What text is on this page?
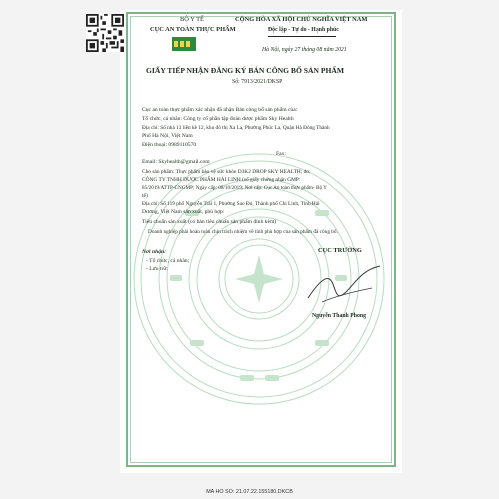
BỘ Y TẾ
CỤC AN TOÀN THỰC PHẨM
CỘNG HÒA XÃ HỘI CHỦ NGHĨA VIỆT NAM
Độc lập - Tự do - Hạnh phúc
Hà Nội, ngày 27 tháng 08 năm 2021
GIẤY TIẾP NHẬN ĐĂNG KÝ BẢN CÔNG BỐ SẢN PHẨM
Số: 7913/2021/DKSP
Cục an toàn thực phẩm xác nhận đã nhận Bản công bố sản phẩm của:
Tổ chức, cá nhân: Công ty cổ phần tập đoàn dược phẩm Sky Health
Địa chỉ: Số nhà 13 liền kề 12, khu đô thị Xa La, Phường Phúc La, Quận Hà Đông Thành
Phố Hà Nội, Việt Nam
Điện thoại: 0989110570
Fax:
Email: Skyhealth@gmail.com
Cho sản phẩm: Thực phẩm bảo vệ sức khỏe D3K2 DROP SKY HEALTH; do:
CÔNG TY TNHH DƯỢC PHẨM HẢI LINH (số giấy chứng nhận GMP:
85/2019/ATTP-CNGMP; Ngày cấp: 08/10/2019; Nơi cấp: Cục An toàn thực phẩm- Bộ Y
tế)
Địa chỉ: Số 119 phố Nguyễn Trãi 1, Phường Sao Đỏ, Thành phố Chí Linh, Tỉnh Hải
Dương, Việt Nam sản xuất, phù hợp:
Tiêu chuẩn sản xuất (có bản tiêu chuẩn sản phẩm đính kèm)
Doanh nghiệp phải hoàn toàn chịu trách nhiệm về tính phù hợp của sản phẩm đã công bố.
Nơi nhận:
- Tổ chức, cá nhân;
- Lưu trữ.
CỤC TRƯỞNG
Nguyễn Thanh Phong
MA HO SO: 21.07.22.155180.DKCB
